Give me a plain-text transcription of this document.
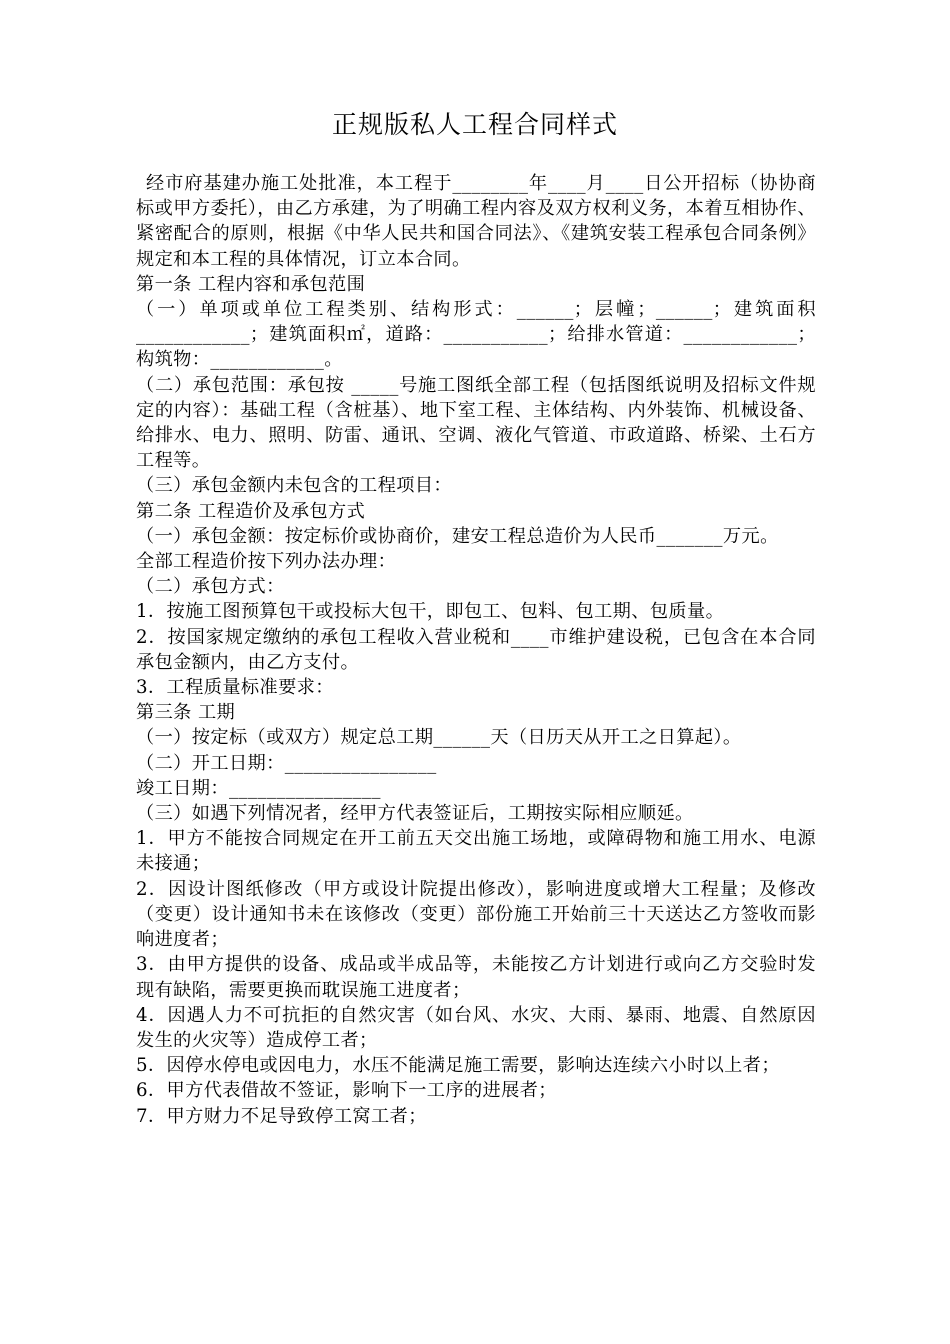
正规版私人工程合同样式

经市府基建办施工处批准，本工程于________年____月____日公开招标（协协商标或甲方委托），由乙方承建，为了明确工程内容及双方权利义务，本着互相协作、紧密配合的原则，根据《中华人民共和国合同法》、《建筑安装工程承包合同条例》规定和本工程的具体情况，订立本合同。

第一条 工程内容和承包范围

（一）单项或单位工程类别、结构形式：______；层幢；______；建筑面积____________；建筑面积㎡，道路：___________；给排水管道：____________；构筑物：____________。

（二）承包范围：承包按 _____号施工图纸全部工程（包括图纸说明及招标文件规定的内容）：基础工程（含桩基）、地下室工程、主体结构、内外装饰、机械设备、给排水、电力、照明、防雷、通讯、空调、液化气管道、市政道路、桥梁、土石方工程等。

（三）承包金额内未包含的工程项目：

第二条 工程造价及承包方式

（一）承包金额：按定标价或协商价，建安工程总造价为人民币_______万元。

全部工程造价按下列办法办理：

（二）承包方式：

1．按施工图预算包干或投标大包干，即包工、包料、包工期、包质量。

2．按国家规定缴纳的承包工程收入营业税和____市维护建设税，已包含在本合同承包金额内，由乙方支付。

3．工程质量标准要求：

第三条 工期

（一）按定标（或双方）规定总工期______天（日历天从开工之日算起）。

（二）开工日期：________________

竣工日期：________________

（三）如遇下列情况者，经甲方代表签证后，工期按实际相应顺延。

1．甲方不能按合同规定在开工前五天交出施工场地，或障碍物和施工用水、电源未接通；

2．因设计图纸修改（甲方或设计院提出修改），影响进度或增大工程量；及修改（变更）设计通知书未在该修改（变更）部份施工开始前三十天送达乙方签收而影响进度者；

3．由甲方提供的设备、成品或半成品等，未能按乙方计划进行或向乙方交验时发现有缺陷，需要更换而耽误施工进度者；

4．因遇人力不可抗拒的自然灾害（如台风、水灾、大雨、暴雨、地震、自然原因发生的火灾等）造成停工者；

5．因停水停电或因电力，水压不能满足施工需要，影响达连续六小时以上者；

6．甲方代表借故不签证，影响下一工序的进展者；

7．甲方财力不足导致停工窝工者；
